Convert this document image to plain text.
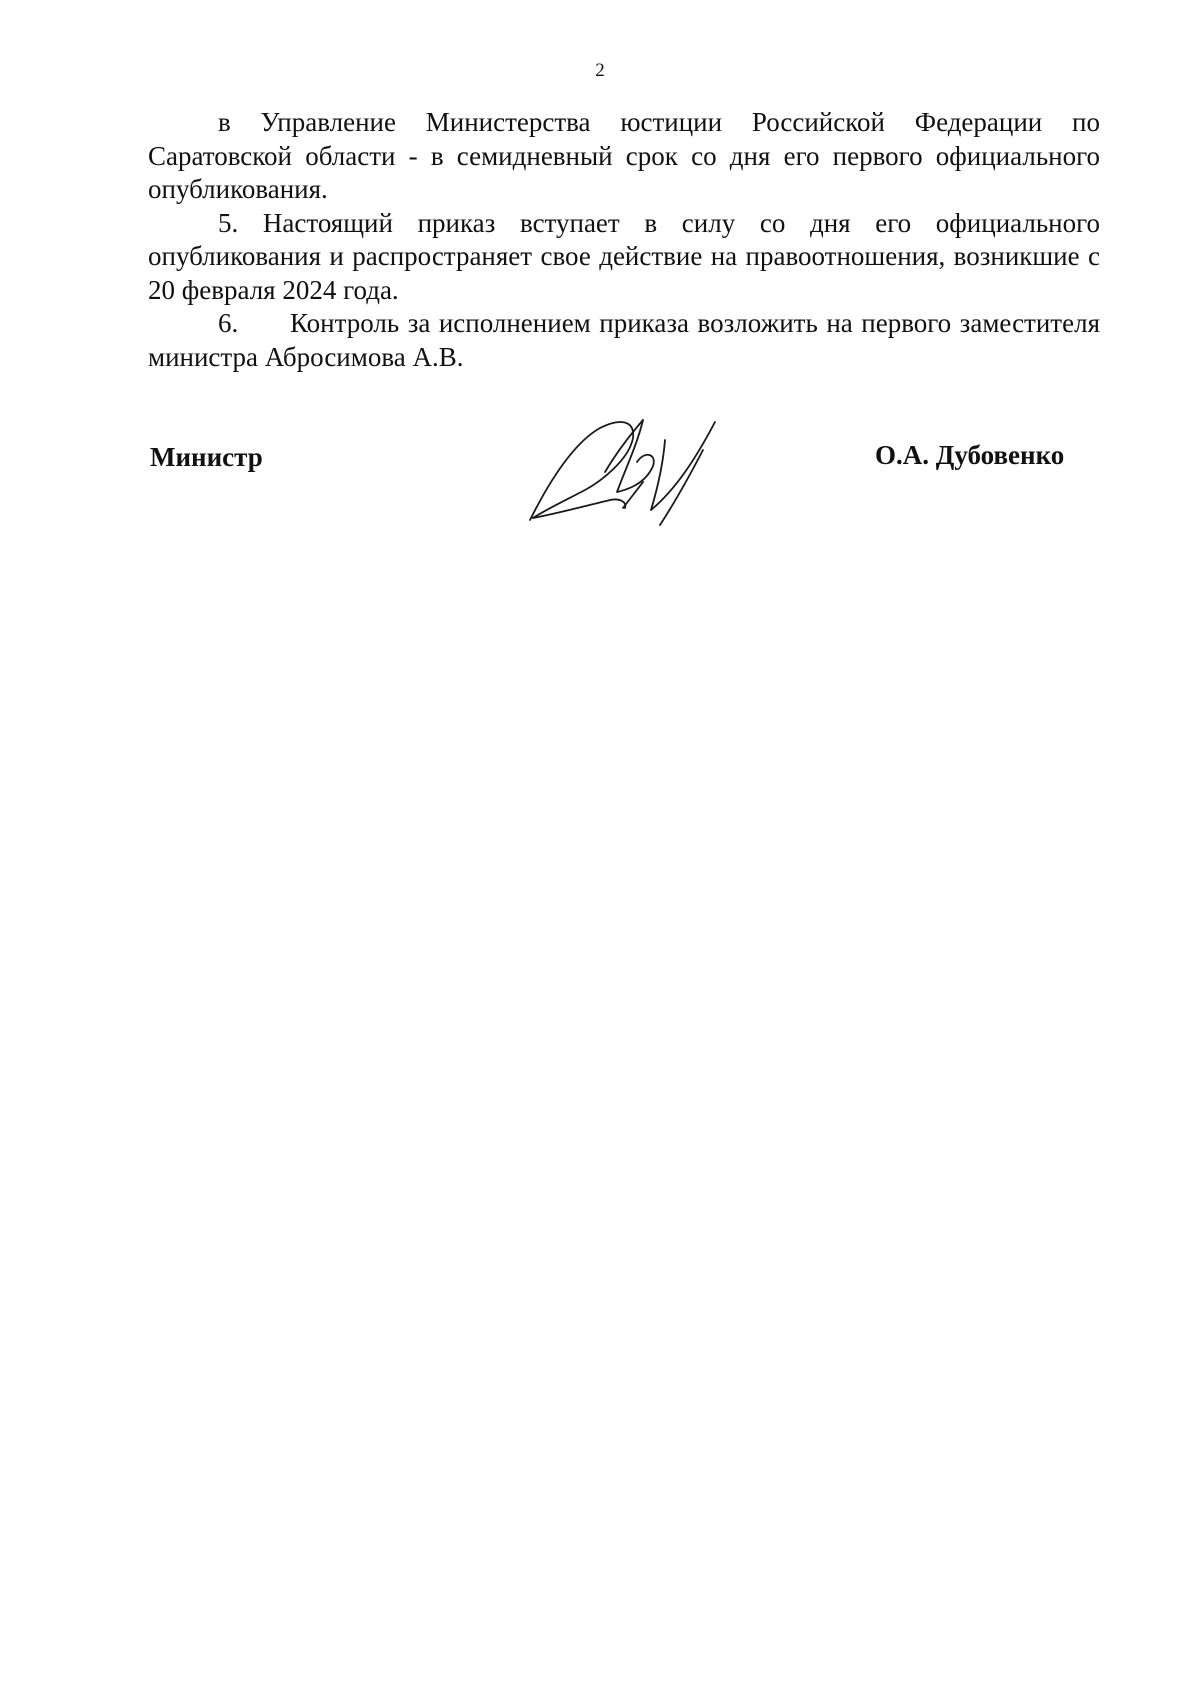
2

в Управление Министерства юстиции Российской Федерации по Саратовской области - в семидневный срок со дня его первого официального опубликования.

5. Настоящий приказ вступает в силу со дня его официального опубликования и распространяет свое действие на правоотношения, возникшие с 20 февраля 2024 года.

6. Контроль за исполнением приказа возложить на первого заместителя министра Абросимова А.В.

Министр	О.А. Дубовенко
